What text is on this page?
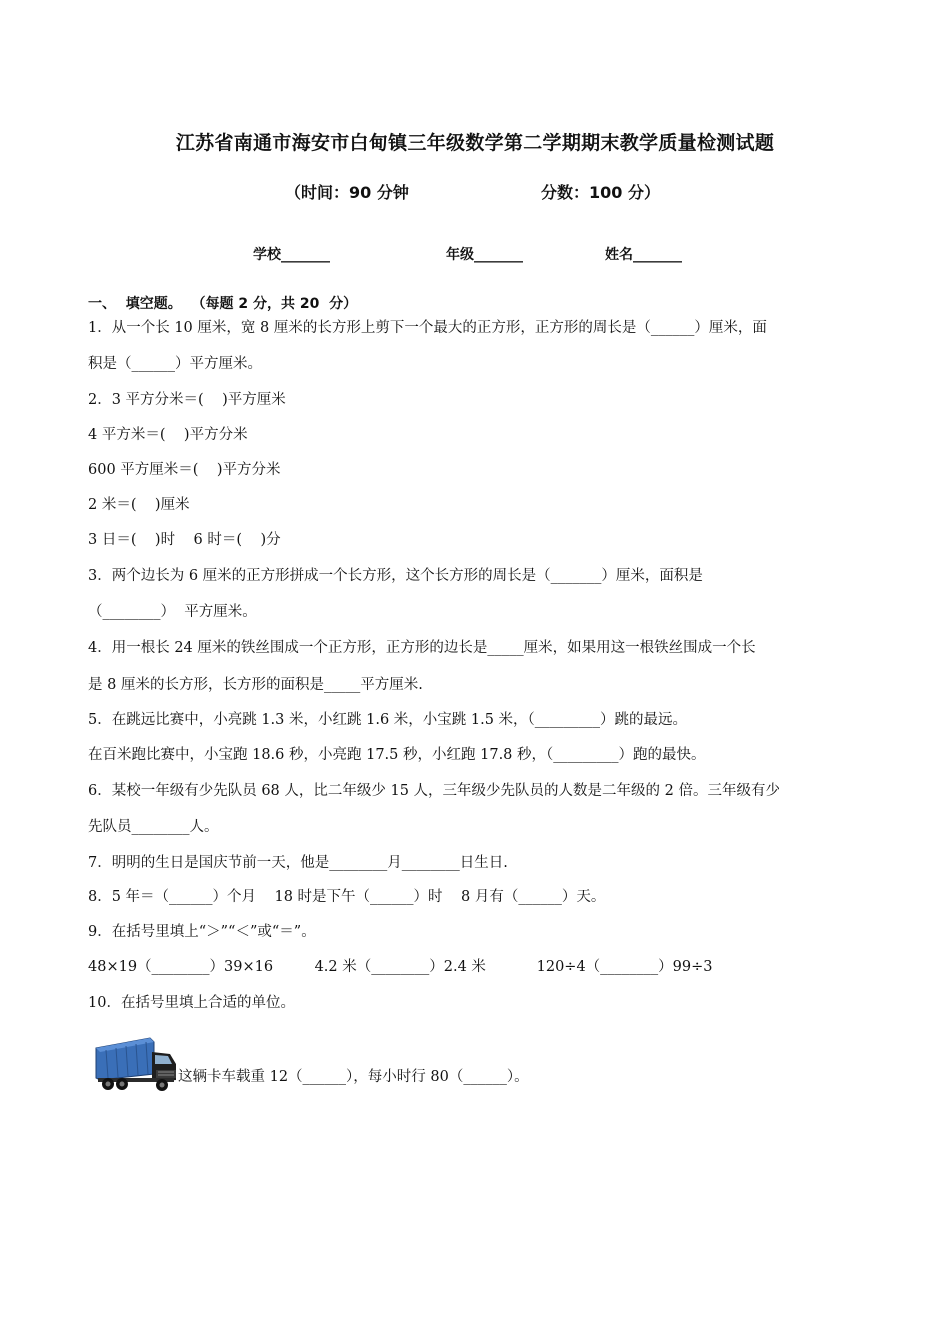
江苏省南通市海安市白甸镇三年级数学第二学期期末教学质量检测试题
（时间：90 分钟	分数：100 分）
学校_______	年级_______	姓名_______
一、  填空题。  （每题 2 分，共 20  分）
1．从一个长 10 厘米，宽 8 厘米的长方形上剪下一个最大的正方形，正方形的周长是（______）厘米，面
积是（______）平方厘米。
2．3 平方分米＝(    )平方厘米
4 平方米＝(    )平方分米
600 平方厘米＝(    )平方分米
2 米＝(    )厘米
3 日＝(    )时    6 时＝(    )分
3．两个边长为 6 厘米的正方形拼成一个长方形，这个长方形的周长是（_______）厘米，面积是
（________）  平方厘米。
4．用一根长 24 厘米的铁丝围成一个正方形，正方形的边长是_____厘米，如果用这一根铁丝围成一个长
是 8 厘米的长方形，长方形的面积是_____平方厘米.
5．在跳远比赛中，小亮跳 1.3 米，小红跳 1.6 米，小宝跳 1.5 米，（_________）跳的最远。
在百米跑比赛中，小宝跑 18.6 秒，小亮跑 17.5 秒，小红跑 17.8 秒，（_________）跑的最快。
6．某校一年级有少先队员 68 人，比二年级少 15 人，三年级少先队员的人数是二年级的 2 倍。三年级有少
先队员________人。
7．明明的生日是国庆节前一天，他是________月________日生日.
8．5 年＝（______）个月    18 时是下午（______）时    8 月有（______）天。
9．在括号里填上“＞”“＜”或“＝”。
48×19（________）39×16         4.2 米（________）2.4 米           120÷4（________）99÷3
10．在括号里填上合适的单位。
这辆卡车载重 12（______），每小时行 80（______）。
